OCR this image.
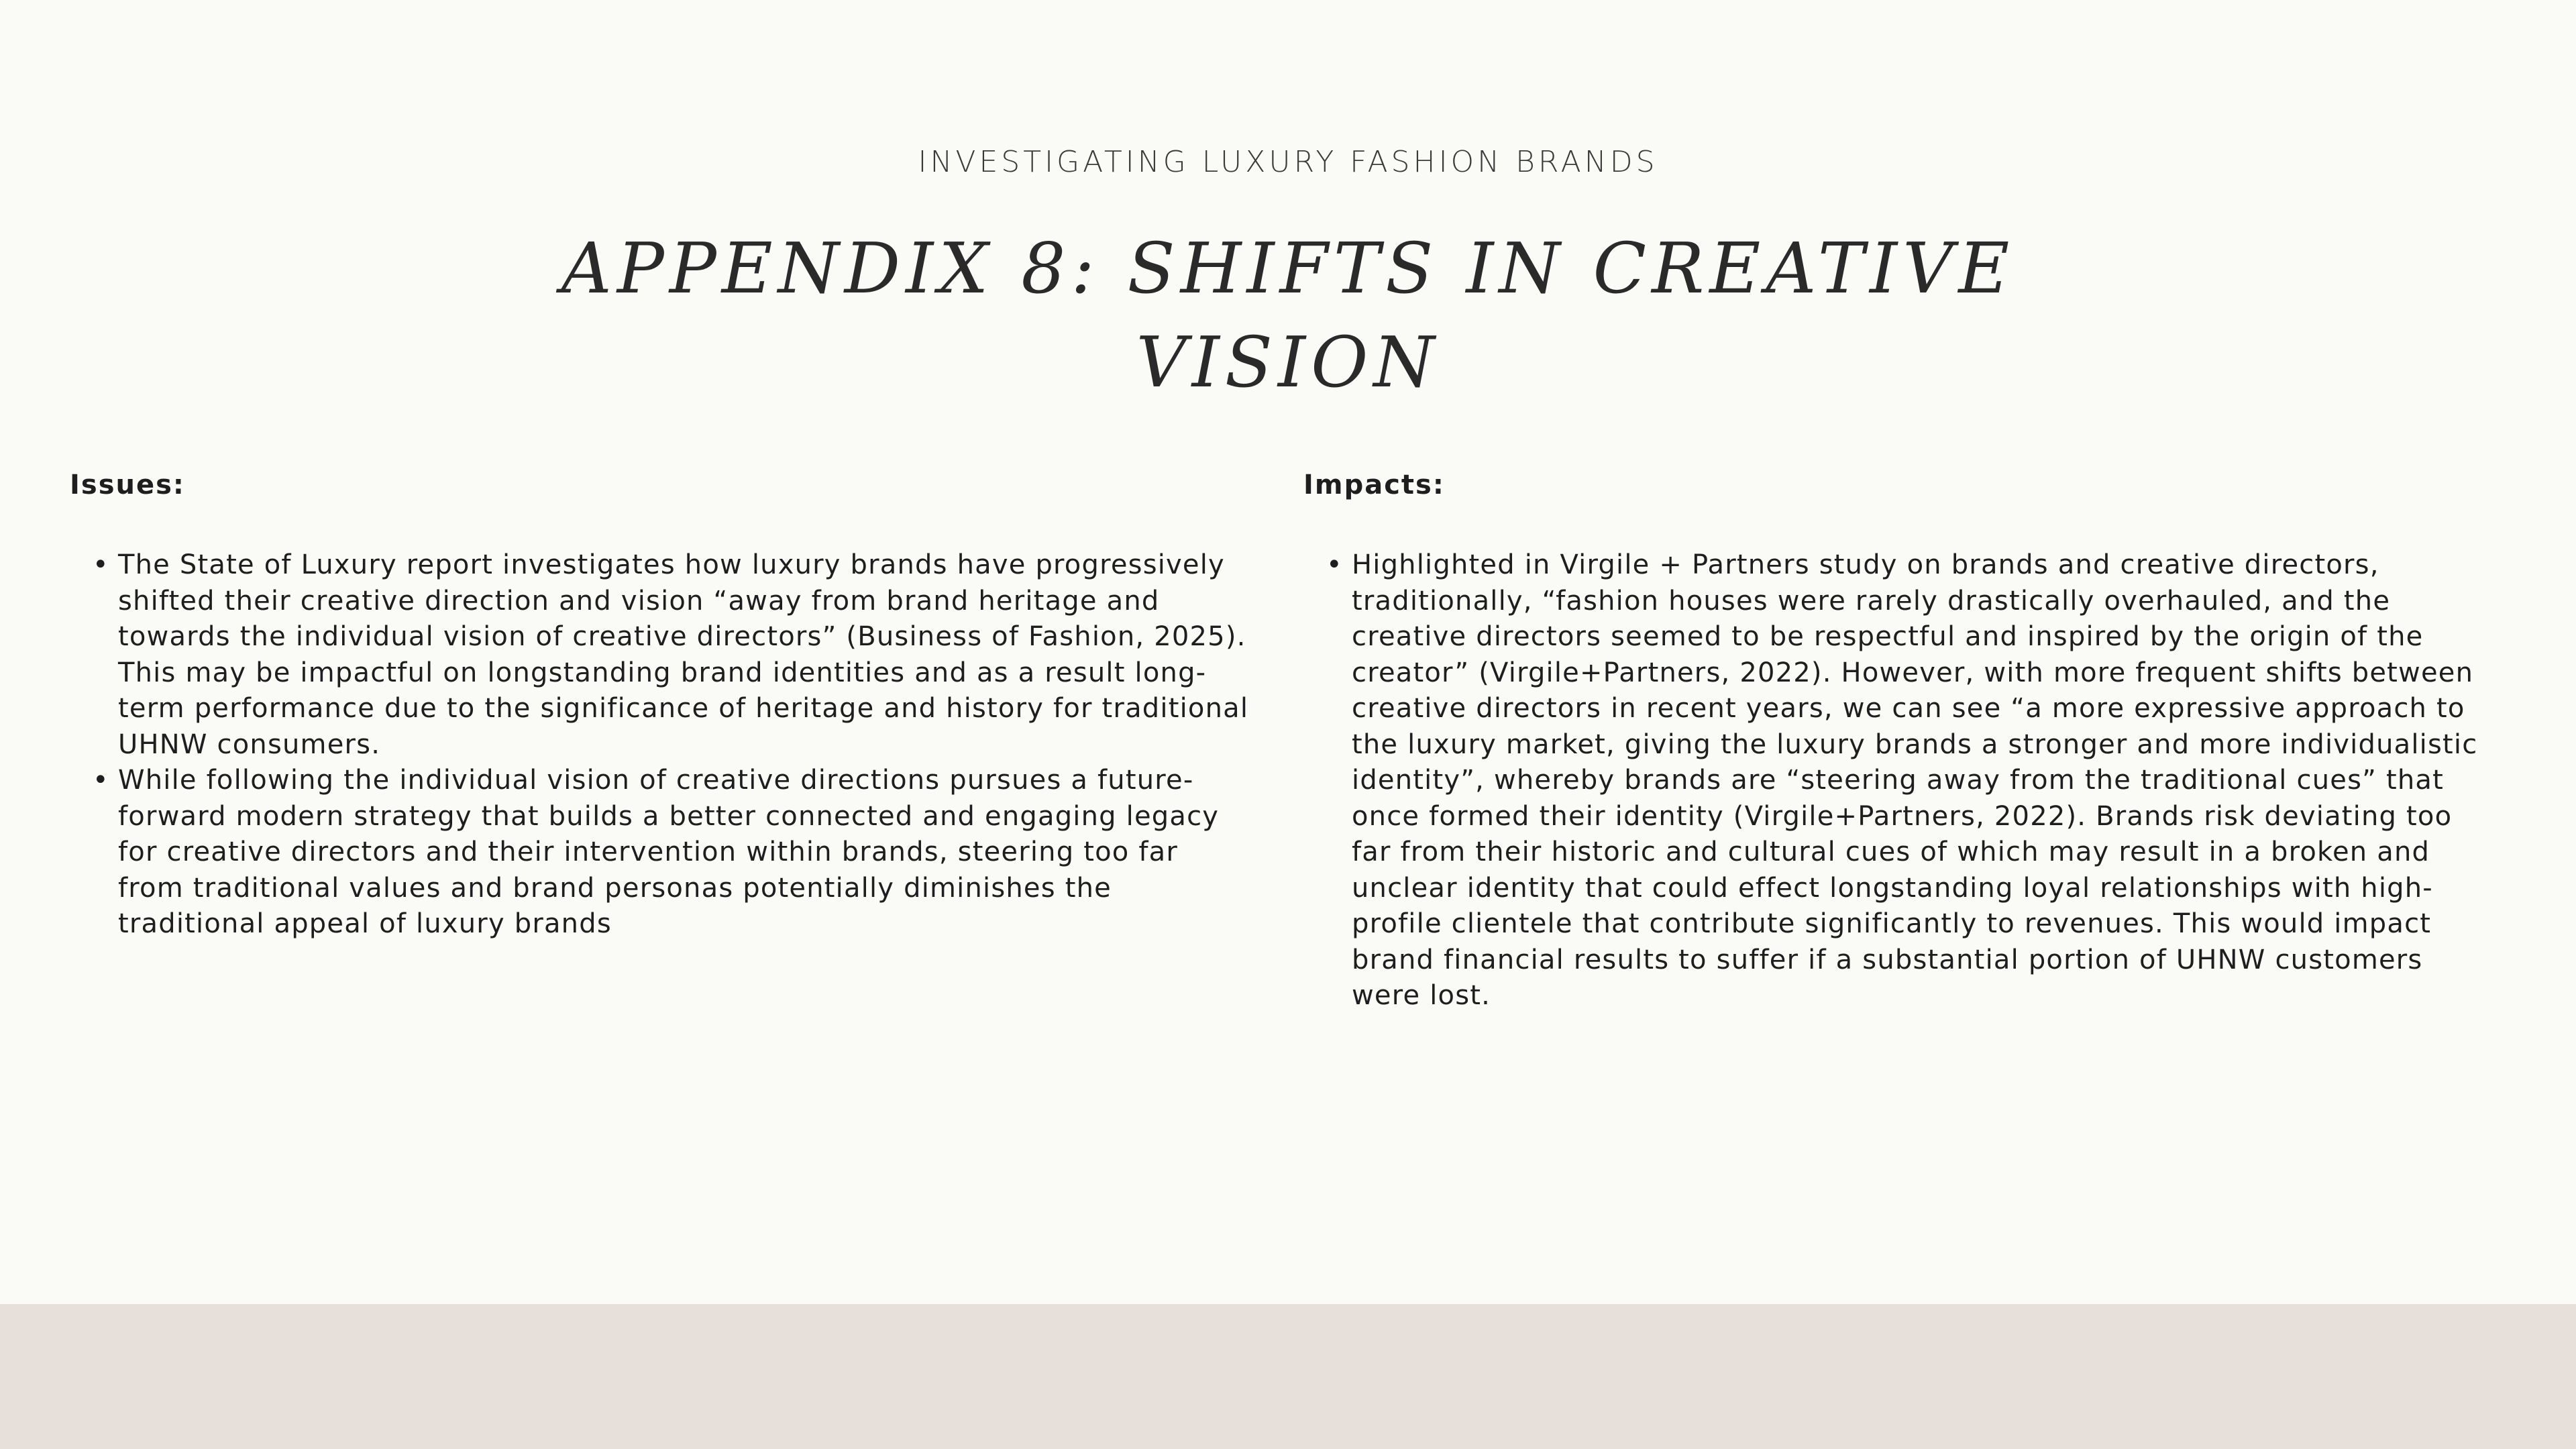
INVESTIGATING LUXURY FASHION BRANDS
APPENDIX 8: SHIFTS IN CREATIVE VISION
Issues:
• The State of Luxury report investigates how luxury brands have progressively shifted their creative direction and vision “away from brand heritage and towards the individual vision of creative directors” (Business of Fashion, 2025). This may be impactful on longstanding brand identities and as a result long-term performance due to the significance of heritage and history for traditional UHNW consumers.
• While following the individual vision of creative directions pursues a future-forward modern strategy that builds a better connected and engaging legacy for creative directors and their intervention within brands, steering too far from traditional values and brand personas potentially diminishes the traditional appeal of luxury brands
Impacts:
• Highlighted in Virgile + Partners study on brands and creative directors, traditionally, “fashion houses were rarely drastically overhauled, and the creative directors seemed to be respectful and inspired by the origin of the creator” (Virgile+Partners, 2022). However, with more frequent shifts between creative directors in recent years, we can see “a more expressive approach to the luxury market, giving the luxury brands a stronger and more individualistic identity”, whereby brands are “steering away from the traditional cues” that once formed their identity (Virgile+Partners, 2022). Brands risk deviating too far from their historic and cultural cues of which may result in a broken and unclear identity that could effect longstanding loyal relationships with high-profile clientele that contribute significantly to revenues. This would impact brand financial results to suffer if a substantial portion of UHNW customers were lost.
